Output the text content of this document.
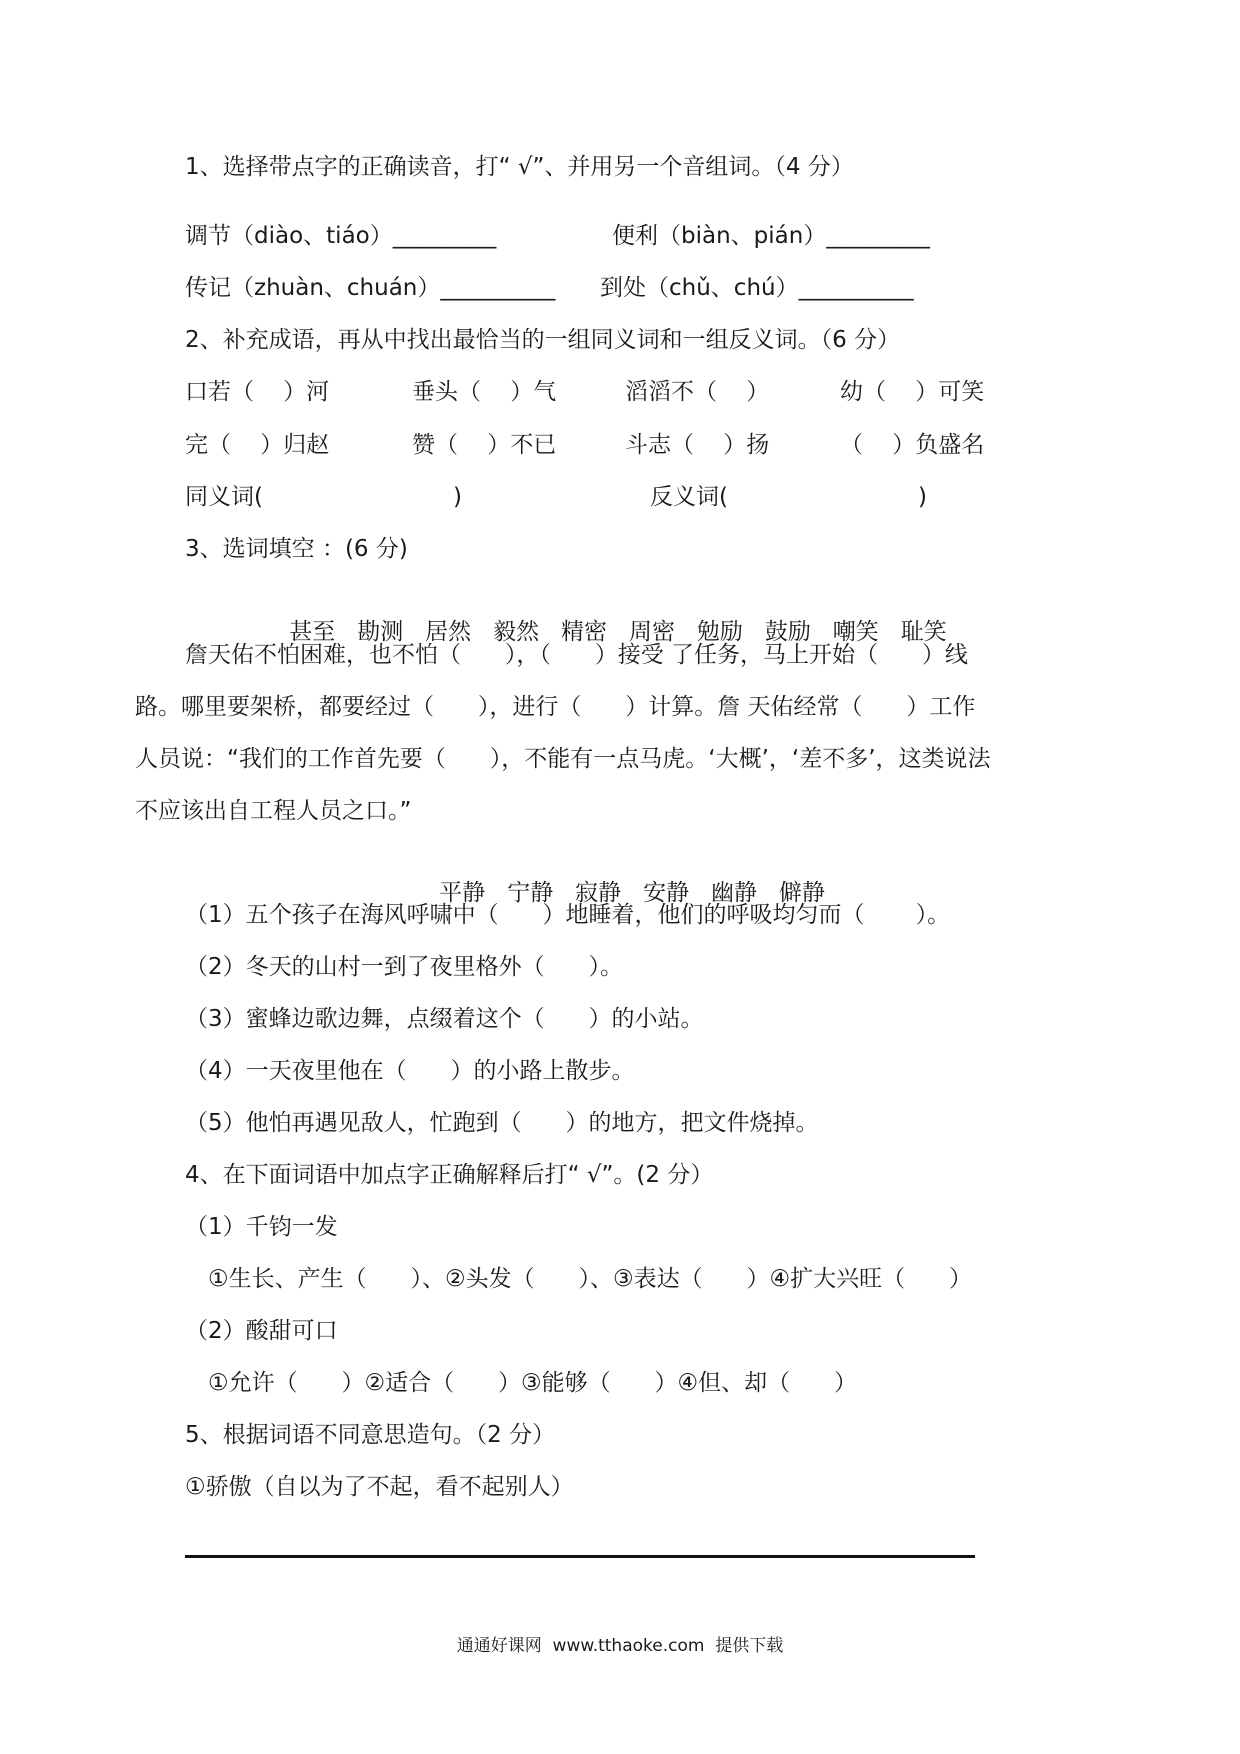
1、选择带点字的正确读音，打“ √”、并用另一个音组词。（4 分）
调节（diào、tiáo）_________	便利（biàn、pián）_________
传记（zhuàn、chuán）__________ 到处（chǔ、chú）__________
2、补充成语，再从中找出最恰当的一组同义词和一组反义词。（6 分）
口若（    ）河	垂头（    ）气	滔滔不（    ）	幼（    ）可笑
完（    ）归赵	赞（    ）不已	斗志（    ）扬	（    ）负盛名
同义词(                          )	反义词(                          )
3、选词填空 ：(6 分)

甚至 勘测 居然 毅然 精密 周密 勉励 鼓励 嘲笑 耻笑

詹天佑不怕困难，也不怕（      ），（      ）接受 了任务，马上开始（      ）线
路。哪里要架桥，都要经过（      ），进行（      ）计算。詹 天佑经常（      ）工作
人员说：“我们的工作首先要（      ），不能有一点马虎。‘大概’，‘差不多’，这类说法
不应该出自工程人员之口。”

平静 宁静 寂静 安静 幽静 僻静

（1）五个孩子在海风呼啸中（      ）地睡着，他们的呼吸均匀而（       ）。
（2）冬天的山村一到了夜里格外（      ）。
（3）蜜蜂边歌边舞，点缀着这个（      ）的小站。
（4）一天夜里他在（      ）的小路上散步。
（5）他怕再遇见敌人，忙跑到（      ）的地方，把文件烧掉。
4、在下面词语中加点字正确解释后打“ √”。(2 分）
（1）千钧一发
①生长、产生（      ）、②头发（      ）、③表达（      ）④扩大兴旺（      ）
（2）酸甜可口
①允许（      ）②适合（      ）③能够（      ）④但、却（      ）
5、根据词语不同意思造句。（2 分）
①骄傲（自以为了不起，看不起别人）
通通好课网  www.tthaoke.com  提供下载
